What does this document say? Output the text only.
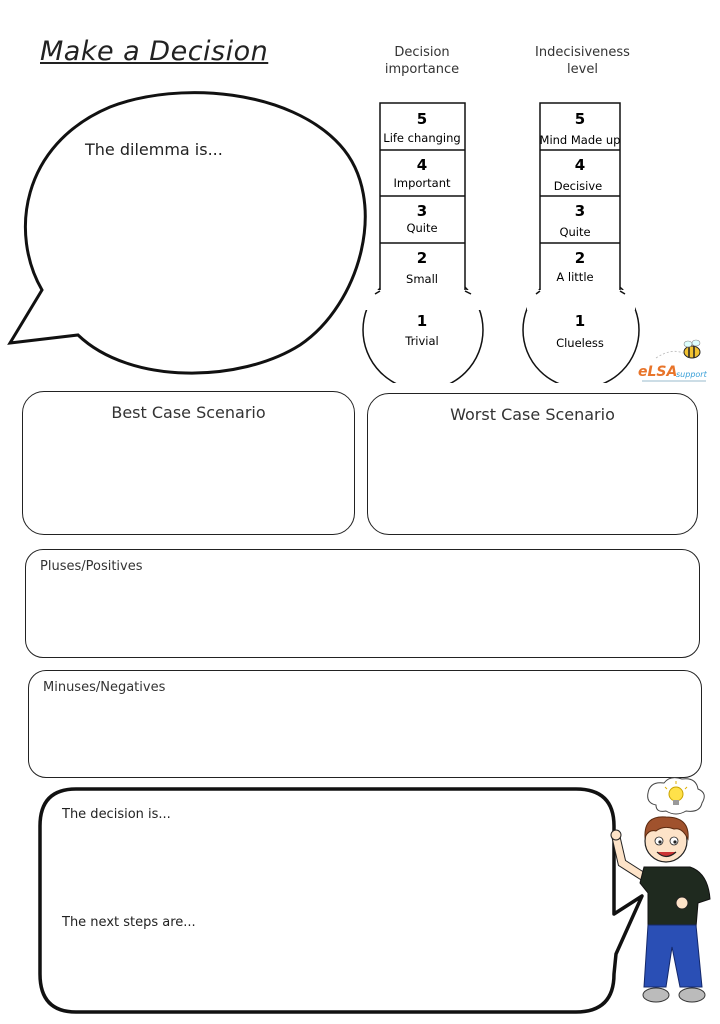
Make a Decision
The dilemma is...
Decision
importance
Indecisiveness
level
5
Life changing
4
Important
3
Quite
2
Small
1
Trivial
5
Mind Made up
4
Decisive
3
Quite
2
A little
1
Clueless
eLSA
support
Best Case Scenario	Worst Case Scenario
Pluses/Positives
Minuses/Negatives
The decision is...
The next steps are...
